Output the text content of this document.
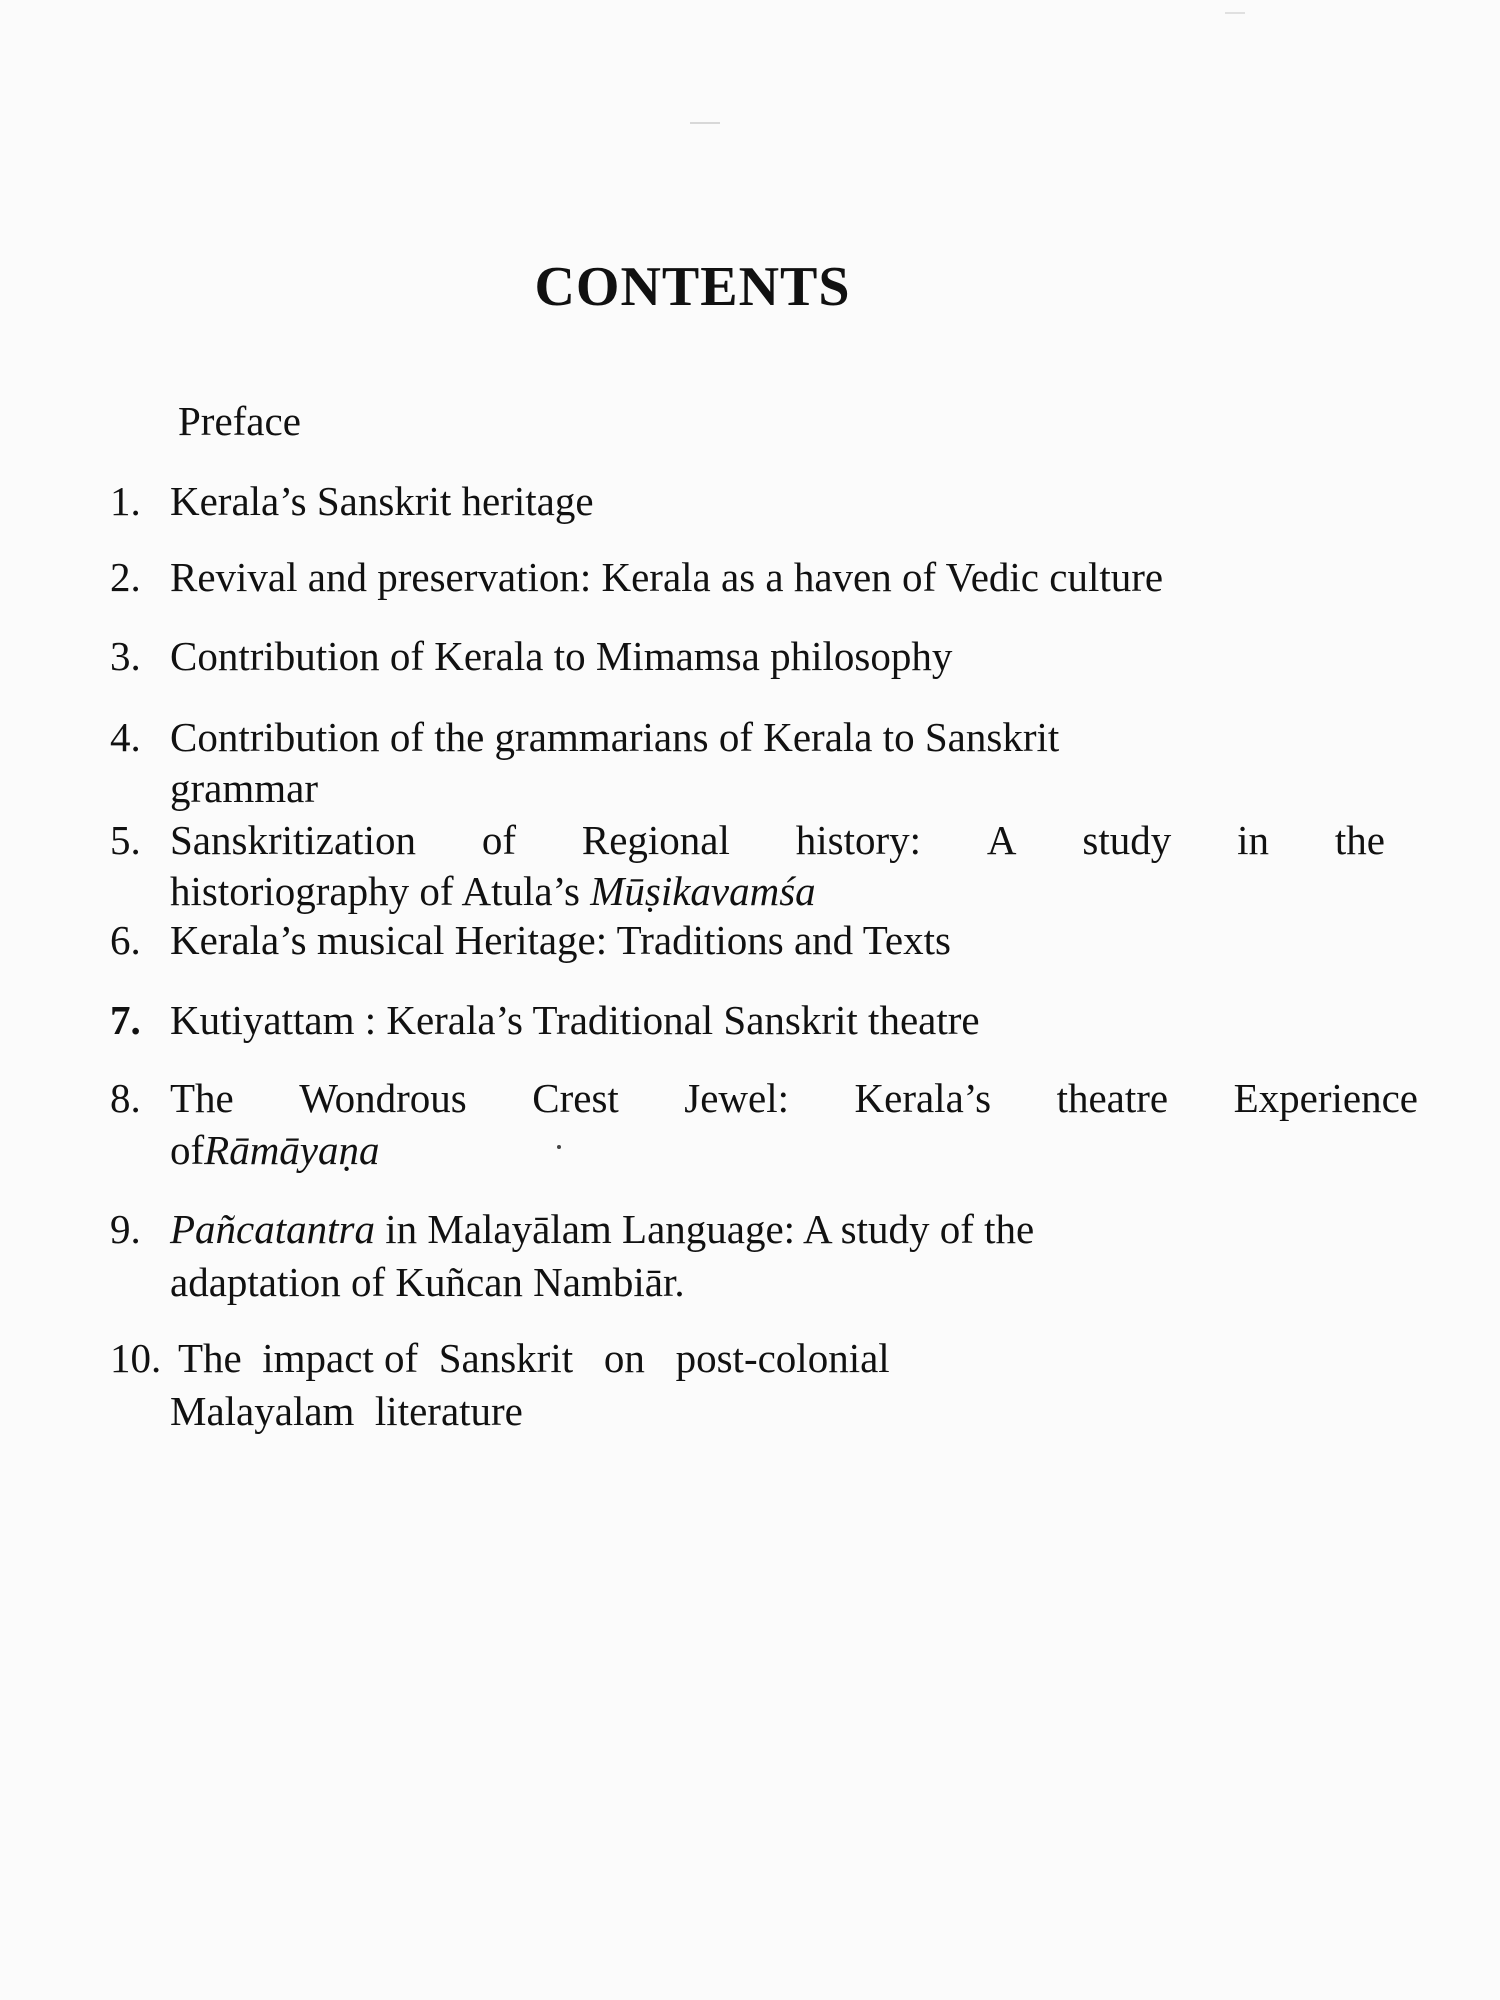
CONTENTS
Preface
1. Kerala’s Sanskrit heritage
2. Revival and preservation: Kerala as a haven of Vedic culture
3. Contribution of Kerala to Mimamsa philosophy
4. Contribution of the grammarians of Kerala to Sanskrit
grammar
5. Sanskritization of Regional history: A study in the
historiography of Atula’s Mūṣikavamśa
6. Kerala’s musical Heritage: Traditions and Texts
7. Kutiyattam : Kerala’s Traditional Sanskrit theatre
8. The Wondrous Crest Jewel: Kerala’s theatre Experience
ofRāmāyaṇa
9. Pañcatantra in Malayālam Language: A study of the
adaptation of Kuñcan Nambiār.
10. The  impact of  Sanskrit   on   post-colonial
Malayalam  literature
